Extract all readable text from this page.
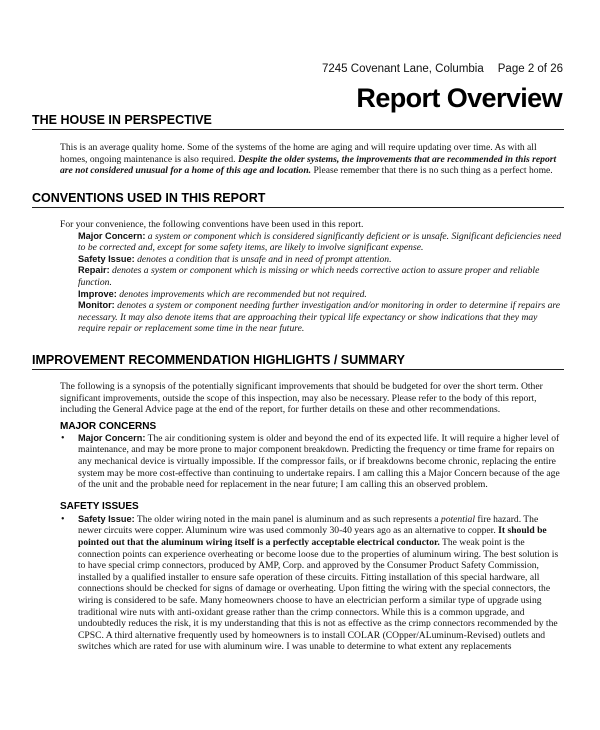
7245 Covenant Lane, Columbia Page 2 of 26
Report Overview
THE HOUSE IN PERSPECTIVE
This is an average quality home. Some of the systems of the home are aging and will require updating over time. As with all homes, ongoing maintenance is also required. Despite the older systems, the improvements that are recommended in this report are not considered unusual for a home of this age and location. Please remember that there is no such thing as a perfect home.
CONVENTIONS USED IN THIS REPORT
For your convenience, the following conventions have been used in this report.
Major Concern: a system or component which is considered significantly deficient or is unsafe. Significant deficiencies need to be corrected and, except for some safety items, are likely to involve significant expense.
Safety Issue: denotes a condition that is unsafe and in need of prompt attention.
Repair: denotes a system or component which is missing or which needs corrective action to assure proper and reliable function.
Improve: denotes improvements which are recommended but not required.
Monitor: denotes a system or component needing further investigation and/or monitoring in order to determine if repairs are necessary. It may also denote items that are approaching their typical life expectancy or show indications that they may require repair or replacement some time in the near future.
IMPROVEMENT RECOMMENDATION HIGHLIGHTS / SUMMARY
The following is a synopsis of the potentially significant improvements that should be budgeted for over the short term. Other significant improvements, outside the scope of this inspection, may also be necessary. Please refer to the body of this report, including the General Advice page at the end of the report, for further details on these and other recommendations.
MAJOR CONCERNS
• Major Concern: The air conditioning system is older and beyond the end of its expected life. It will require a higher level of maintenance, and may be more prone to major component breakdown. Predicting the frequency or time frame for repairs on any mechanical device is virtually impossible. If the compressor fails, or if breakdowns become chronic, replacing the entire system may be more cost-effective than continuing to undertake repairs. I am calling this a Major Concern because of the age of the unit and the probable need for replacement in the near future; I am calling this an observed problem.
SAFETY ISSUES
• Safety Issue: The older wiring noted in the main panel is aluminum and as such represents a potential fire hazard. The newer circuits were copper. Aluminum wire was used commonly 30-40 years ago as an alternative to copper. It should be pointed out that the aluminum wiring itself is a perfectly acceptable electrical conductor. The weak point is the connection points can experience overheating or become loose due to the properties of aluminum wiring. The best solution is to have special crimp connectors, produced by AMP, Corp. and approved by the Consumer Product Safety Commission, installed by a qualified installer to ensure safe operation of these circuits. Fitting installation of this special hardware, all connections should be checked for signs of damage or overheating. Upon fitting the wiring with the special connectors, the wiring is considered to be safe. Many homeowners choose to have an electrician perform a similar type of upgrade using traditional wire nuts with anti-oxidant grease rather than the crimp connectors. While this is a common upgrade, and undoubtedly reduces the risk, it is my understanding that this is not as effective as the crimp connectors recommended by the CPSC. A third alternative frequently used by homeowners is to install COLAR (COpper/ALuminum-Revised) outlets and switches which are rated for use with aluminum wire. I was unable to determine to what extent any replacements
